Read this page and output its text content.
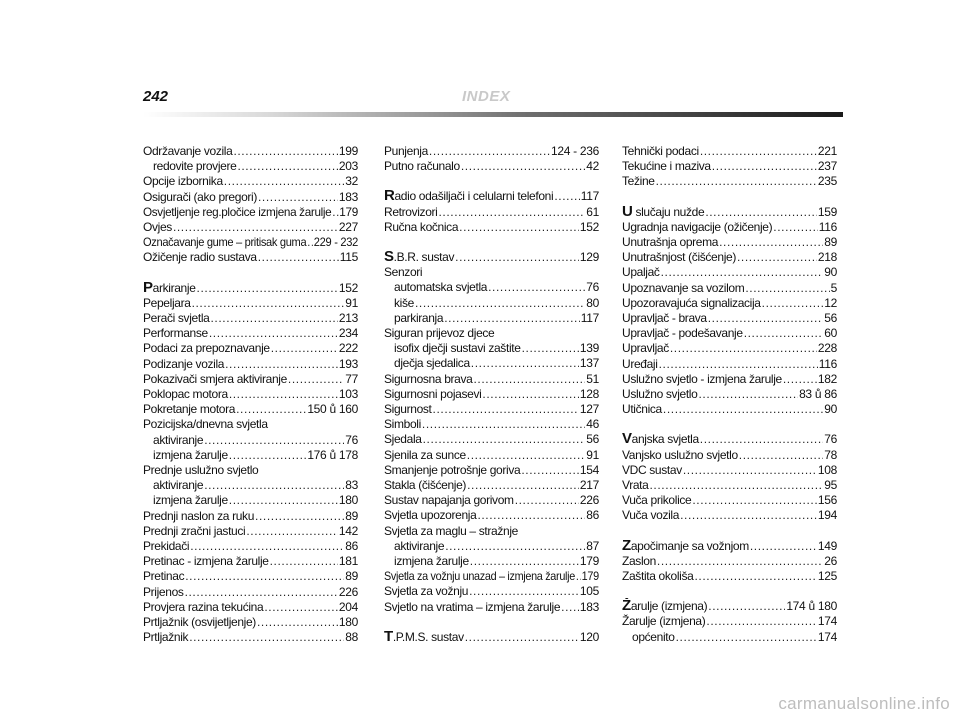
242	INDEX
Održavanje vozila .....	199
redovite provjere .....	203
Opcije izbornika .....	32
Osigurači (ako pregori) .....	183
Osvjetljenje reg.pločice izmjena žarulje ..... 179
Ovjes .....	227
Označavanje gume – pritisak guma ..... 229 - 232
Ožičenje radio sustava .....	115
Parkiranje .....	152
Pepeljara .....	91
Perači svjetla .....	213
Performanse .....	234
Podaci za prepoznavanje .....	222
Podizanje vozila .....	193
Pokazivači smjera aktiviranje .....	77
Poklopac motora .....	103
Pokretanje motora .....	150 ů 160
Pozicijska/dnevna svjetla
aktiviranje .....	76
izmjena žarulje .....	176 ů 178
Prednje uslužno svjetlo
aktiviranje .....	83
izmjena žarulje .....	180
Prednji naslon za ruku .....	89
Prednji zračni jastuci .....	142
Prekidači .....	86
Pretinac - izmjena žarulje .....	181
Pretinac .....	89
Prijenos .....	226
Provjera razina tekućina .....	204
Prtljažnik (osvijetljenje) .....	180
Prtljažnik .....	88
Punjenja .....	124 - 236
Putno računalo .....	42
Radio odašiljači i celularni telefoni ..... 117
Retrovizori .....	61
Ručna kočnica .....	152
S.B.R. sustav .....	129
Senzori
automatska svjetla .....	76
kiše .....	80
parkiranja .....	117
Siguran prijevoz djece
isofix dječji sustavi zaštite .....	139
dječja sjedalica .....	137
Sigurnosna brava .....	51
Sigurnosni pojasevi .....	128
Sigurnost .....	127
Simboli .....	46
Sjedala .....	56
Sjenila za sunce .....	91
Smanjenje potrošnje goriva .....	154
Stakla (čišćenje) .....	217
Sustav napajanja gorivom .....	226
Svjetla upozorenja .....	86
Svjetla za maglu – stražnje
aktiviranje .....	87
izmjena žarulje .....	179
Svjetla za vožnju unazad – izmjena žarulje ..... 179
Svjetla za vožnju .....	105
Svjetlo na vratima – izmjena žarulje ..... 183
T.P.M.S. sustav .....	120
Tehnički podaci .....	221
Tekućine i maziva .....	237
Težine .....	235
U slučaju nužde .....	159
Ugradnja navigacije (ožičenje) .....	116
Unutrašnja oprema .....	89
Unutrašnjost (čišćenje) .....	218
Upaljač .....	90
Upoznavanje sa vozilom .....	5
Upozoravajuća signalizacija .....	12
Upravljač - brava .....	56
Upravljač - podešavanje .....	60
Upravljač .....	228
Uređaji .....	116
Uslužno svjetlo - izmjena žarulje .....	182
Uslužno svjetlo .....	83 ů 86
Utičnica .....	90
Vanjska svjetla .....	76
Vanjsko uslužno svjetlo .....	78
VDC sustav .....	108
Vrata .....	95
Vuča prikolice .....	156
Vuča vozila .....	194
Započimanje sa vožnjom .....	149
Zaslon .....	26
Zaštita okoliša .....	125
Žarulje (izmjena) .....	174 ů 180
Žarulje (izmjena) .....	174
općenito .....	174
carmanualsonline.info
